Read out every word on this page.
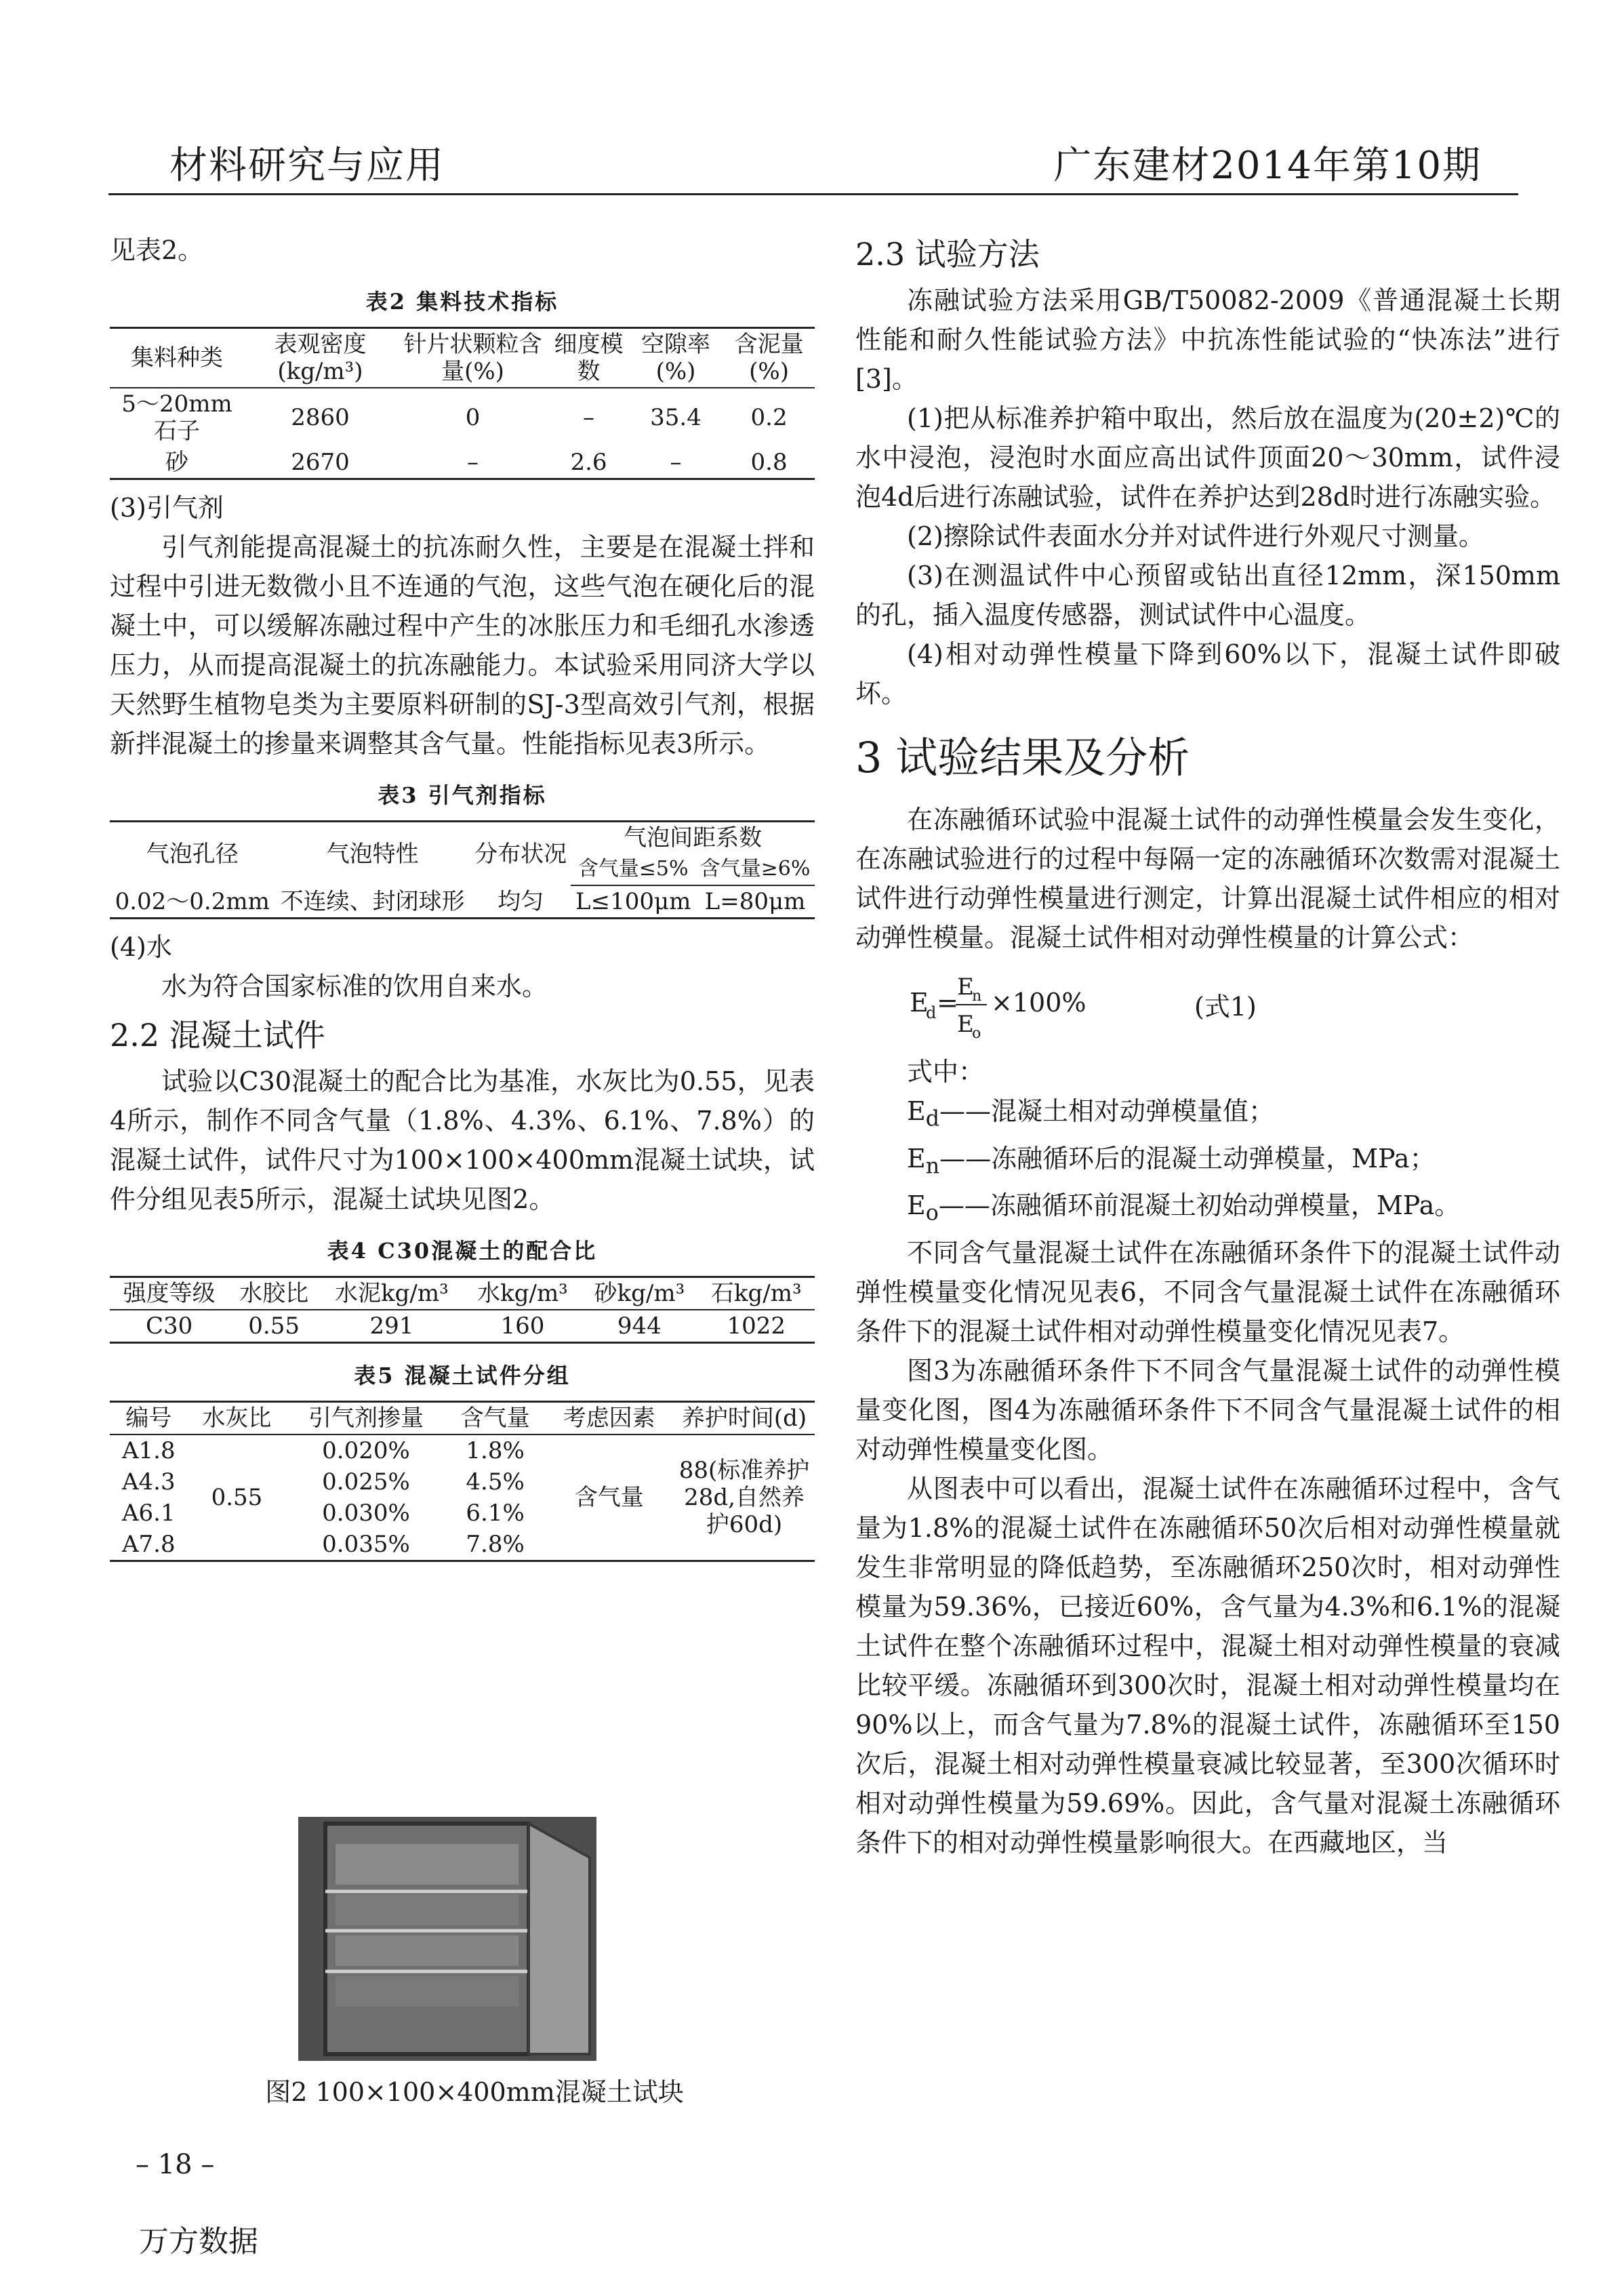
材料研究与应用	广东建材2014年第10期

见表2。

表2 集料技术指标
集料种类	表观密度(kg/m³)	针片状颗粒含量(%)	细度模数	空隙率(%)	含泥量(%)
5～20mm石子	2860	0	–	35.4	0.2
砂	2670	–	2.6	–	0.8

(3)引气剂

引气剂能提高混凝土的抗冻耐久性，主要是在混凝土拌和过程中引进无数微小且不连通的气泡，这些气泡在硬化后的混凝土中，可以缓解冻融过程中产生的冰胀压力和毛细孔水渗透压力，从而提高混凝土的抗冻融能力。本试验采用同济大学以天然野生植物皂类为主要原料研制的SJ-3型高效引气剂，根据新拌混凝土的掺量来调整其含气量。性能指标见表3所示。

表3 引气剂指标
气泡孔径	气泡特性	分布状况	气泡间距系数	
			含气量≤5%	含气量≥6%
0.02～0.2mm	不连续、封闭球形	均匀	L≤100μm	L=80μm

(4)水

水为符合国家标准的饮用自来水。

2.2 混凝土试件

试验以C30混凝土的配合比为基准，水灰比为0.55，见表4所示，制作不同含气量（1.8%、4.3%、6.1%、7.8%）的混凝土试件，试件尺寸为100×100×400mm混凝土试块，试件分组见表5所示，混凝土试块见图2。

表4 C30混凝土的配合比
强度等级	水胶比	水泥kg/m³	水kg/m³	砂kg/m³	石kg/m³
C30	0.55	291	160	944	1022
表5 混凝土试件分组
编号	水灰比	引气剂掺量	含气量	考虑因素	养护时间(d)
A1.8	0.55	0.020%	1.8%	含气量	88(标准养护28d,自然养护60d)
A4.3		0.025%	4.5%		
A6.1		0.030%	6.1%		
A7.8		0.035%	7.8%		
图2 100×100×400mm混凝土试块
2.3 试验方法

冻融试验方法采用GB/T50082-2009《普通混凝土长期性能和耐久性能试验方法》中抗冻性能试验的“快冻法”进行[3]。

(1)把从标准养护箱中取出，然后放在温度为(20±2)℃的水中浸泡，浸泡时水面应高出试件顶面20～30mm，试件浸泡4d后进行冻融试验，试件在养护达到28d时进行冻融实验。

(2)擦除试件表面水分并对试件进行外观尺寸测量。

(3)在测温试件中心预留或钻出直径12mm，深150mm的孔，插入温度传感器，测试试件中心温度。

(4)相对动弹性模量下降到60%以下，混凝土试件即破坏。

3 试验结果及分析

在冻融循环试验中混凝土试件的动弹性模量会发生变化，在冻融试验进行的过程中每隔一定的冻融循环次数需对混凝土试件进行动弹性模量进行测定，计算出混凝土试件相应的相对动弹性模量。混凝土试件相对动弹性模量的计算公式：

E
d =
E
n
E
o
×100%	(式1)

式中：

$E_d——$混凝土相对动弹模量值；

$E_n——$冻融循环后的混凝土动弹模量，MPa；

$E_o——$冻融循环前混凝土初始动弹模量，MPa。

不同含气量混凝土试件在冻融循环条件下的混凝土试件动弹性模量变化情况见表6，不同含气量混凝土试件在冻融循环条件下的混凝土试件相对动弹性模量变化情况见表7。

图3为冻融循环条件下不同含气量混凝土试件的动弹性模量变化图，图4为冻融循环条件下不同含气量混凝土试件的相对动弹性模量变化图。

从图表中可以看出，混凝土试件在冻融循环过程中，含气量为1.8%的混凝土试件在冻融循环50次后相对动弹性模量就发生非常明显的降低趋势，至冻融循环250次时，相对动弹性模量为59.36%，已接近60%，含气量为4.3%和6.1%的混凝土试件在整个冻融循环过程中，混凝土相对动弹性模量的衰减比较平缓。冻融循环到300次时，混凝土相对动弹性模量均在90%以上，而含气量为7.8%的混凝土试件，冻融循环至150次后，混凝土相对动弹性模量衰减比较显著，至300次循环时相对动弹性模量为59.69%。因此，含气量对混凝土冻融循环条件下的相对动弹性模量影响很大。在西藏地区，当

– 18 –
万方数据
